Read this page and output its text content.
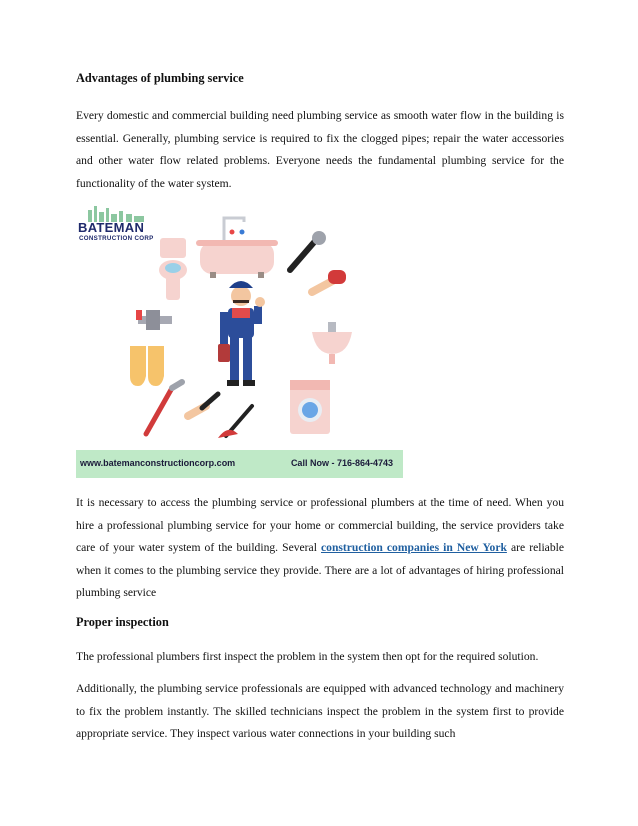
Advantages of plumbing service

Every domestic and commercial building need plumbing service as smooth water flow in the building is essential. Generally, plumbing service is required to fix the clogged pipes; repair the water accessories and other water flow related problems. Everyone needs the fundamental plumbing service for the functionality of the water system.

BATEMAN
CONSTRUCTION CORP
www.batemanconstructioncorp.com	Call Now - 716-864-4743

It is necessary to access the plumbing service or professional plumbers at the time of need. When you hire a professional plumbing service for your home or commercial building, the service providers take care of your water system of the building. Several construction companies in New York are reliable when it comes to the plumbing service they provide. There are a lot of advantages of hiring professional plumbing service

Proper inspection

The professional plumbers first inspect the problem in the system then opt for the required solution.

Additionally, the plumbing service professionals are equipped with advanced technology and machinery to fix the problem instantly. The skilled technicians inspect the problem in the system first to provide appropriate service. They inspect various water connections in your building such
